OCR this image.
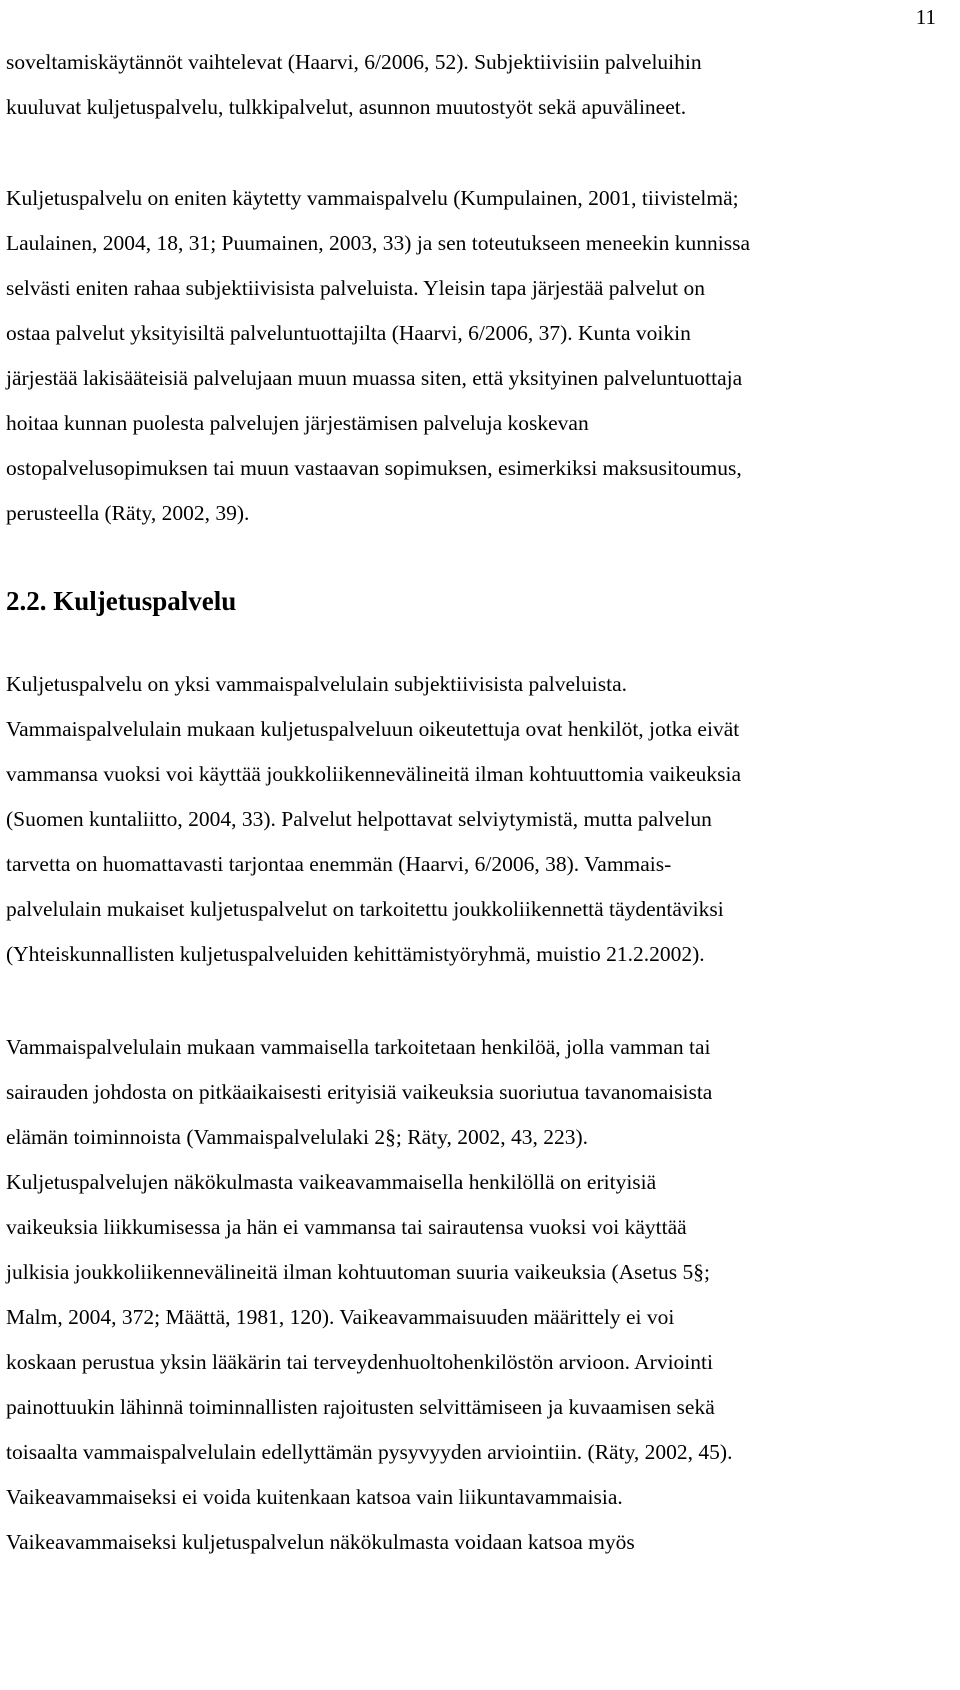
11
soveltamiskäytännöt vaihtelevat (Haarvi, 6/2006, 52). Subjektiivisiin palveluihin
kuuluvat kuljetuspalvelu, tulkkipalvelut, asunnon muutostyöt sekä apuvälineet.
Kuljetuspalvelu on eniten käytetty vammaispalvelu (Kumpulainen, 2001, tiivistelmä;
Laulainen, 2004, 18, 31; Puumainen, 2003, 33) ja sen toteutukseen meneekin kunnissa
selvästi eniten rahaa subjektiivisista palveluista. Yleisin tapa järjestää palvelut on
ostaa palvelut yksityisiltä palveluntuottajilta (Haarvi, 6/2006, 37). Kunta voikin
järjestää lakisääteisiä palvelujaan muun muassa siten, että yksityinen palveluntuottaja
hoitaa kunnan puolesta palvelujen järjestämisen palveluja koskevan
ostopalvelusopimuksen tai muun vastaavan sopimuksen, esimerkiksi maksusitoumus,
perusteella (Räty, 2002, 39).
2.2. Kuljetuspalvelu
Kuljetuspalvelu on yksi vammaispalvelulain subjektiivisista palveluista.
Vammaispalvelulain mukaan kuljetuspalveluun oikeutettuja ovat henkilöt, jotka eivät
vammansa vuoksi voi käyttää joukkoliikennevälineitä ilman kohtuuttomia vaikeuksia
(Suomen kuntaliitto, 2004, 33). Palvelut helpottavat selviytymistä, mutta palvelun
tarvetta on huomattavasti tarjontaa enemmän (Haarvi, 6/2006, 38). Vammais-
palvelulain mukaiset kuljetuspalvelut on tarkoitettu joukkoliikennettä täydentäviksi
(Yhteiskunnallisten kuljetuspalveluiden kehittämistyöryhmä, muistio 21.2.2002).
Vammaispalvelulain mukaan vammaisella tarkoitetaan henkilöä, jolla vamman tai
sairauden johdosta on pitkäaikaisesti erityisiä vaikeuksia suoriutua tavanomaisista
elämän toiminnoista (Vammaispalvelulaki 2§; Räty, 2002, 43, 223).
Kuljetuspalvelujen näkökulmasta vaikeavammaisella henkilöllä on erityisiä
vaikeuksia liikkumisessa ja hän ei vammansa tai sairautensa vuoksi voi käyttää
julkisia joukkoliikennevälineitä ilman kohtuutoman suuria vaikeuksia (Asetus 5§;
Malm, 2004, 372; Määttä, 1981, 120). Vaikeavammaisuuden määrittely ei voi
koskaan perustua yksin lääkärin tai terveydenhuoltohenkilöstön arvioon. Arviointi
painottuukin lähinnä toiminnallisten rajoitusten selvittämiseen ja kuvaamisen sekä
toisaalta vammaispalvelulain edellyttämän pysyvyyden arviointiin. (Räty, 2002, 45).
Vaikeavammaiseksi ei voida kuitenkaan katsoa vain liikuntavammaisia.
Vaikeavammaiseksi kuljetuspalvelun näkökulmasta voidaan katsoa myös
